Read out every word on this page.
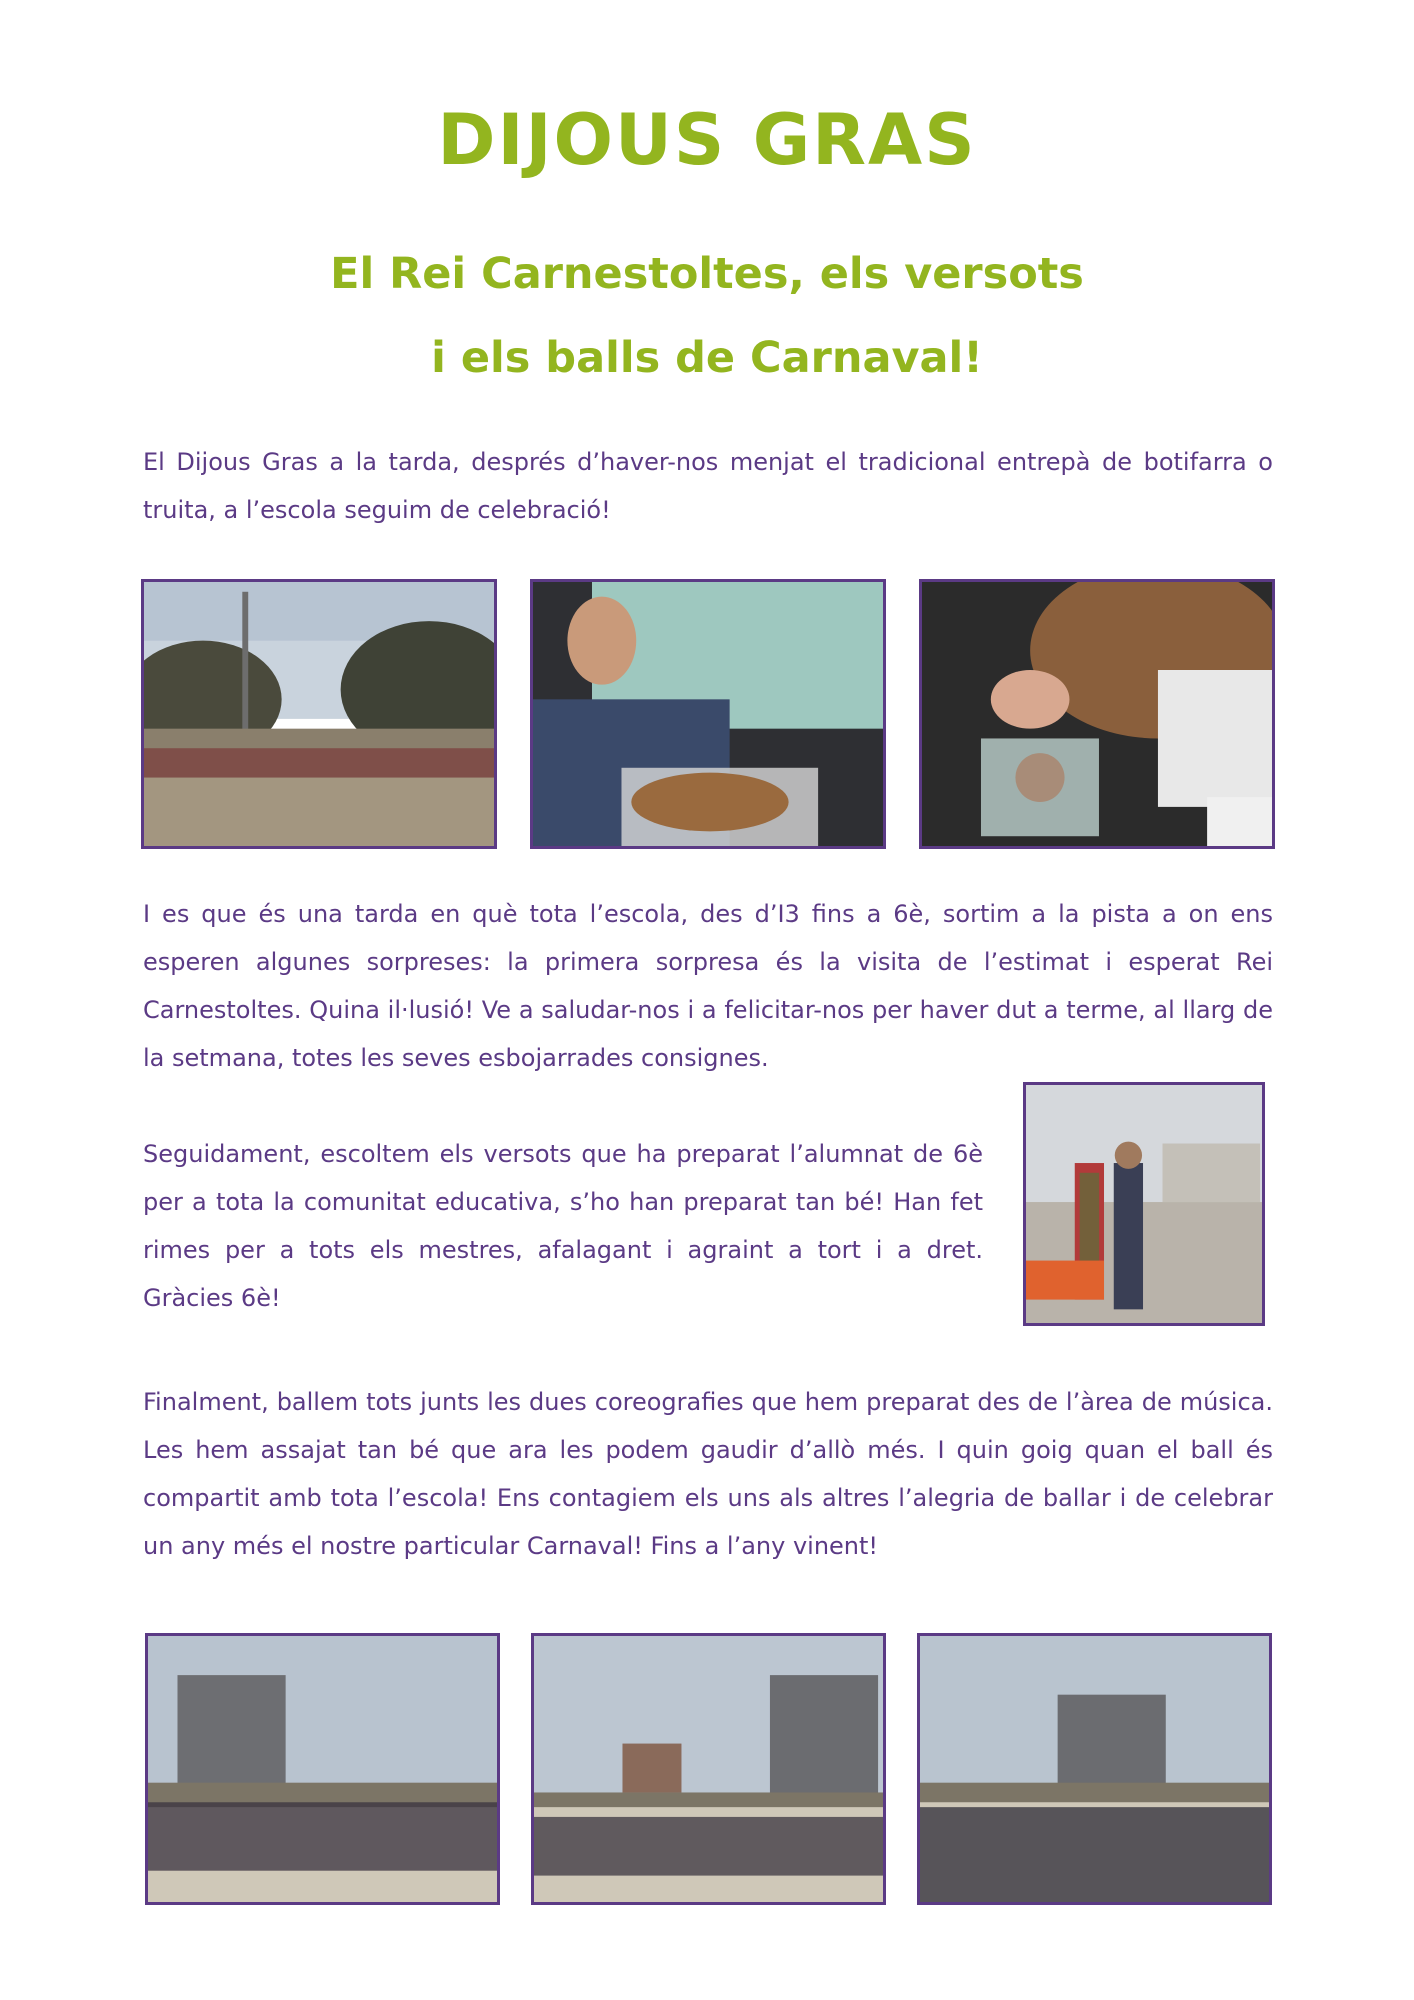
DIJOUS GRAS
El Rei Carnestoltes, els versots
i els balls de Carnaval!

El Dijous Gras a la tarda, després d’haver-nos menjat el tradicional entrepà de botifarra o truita, a l’escola seguim de celebració!

I es que és una tarda en què tota l’escola, des d’I3 fins a 6è, sortim a la pista a on ens esperen algunes sorpreses: la primera sorpresa és la visita de l’estimat i esperat Rei Carnestoltes. Quina il·lusió! Ve a saludar-nos i a felicitar-nos per haver dut a terme, al llarg de la setmana, totes les seves esbojarrades consignes.

Seguidament, escoltem els versots que ha preparat l’alumnat de 6è per a tota la comunitat educativa, s’ho han preparat tan bé! Han fet rimes per a tots els mestres, afalagant i agraint a tort i a dret. Gràcies 6è!

Finalment, ballem tots junts les dues coreografies que hem preparat des de l’àrea de música. Les hem assajat tan bé que ara les podem gaudir d’allò més. I quin goig quan el ball és compartit amb tota l’escola! Ens contagiem els uns als altres l’alegria de ballar i de celebrar un any més el nostre particular Carnaval! Fins a l’any vinent!
